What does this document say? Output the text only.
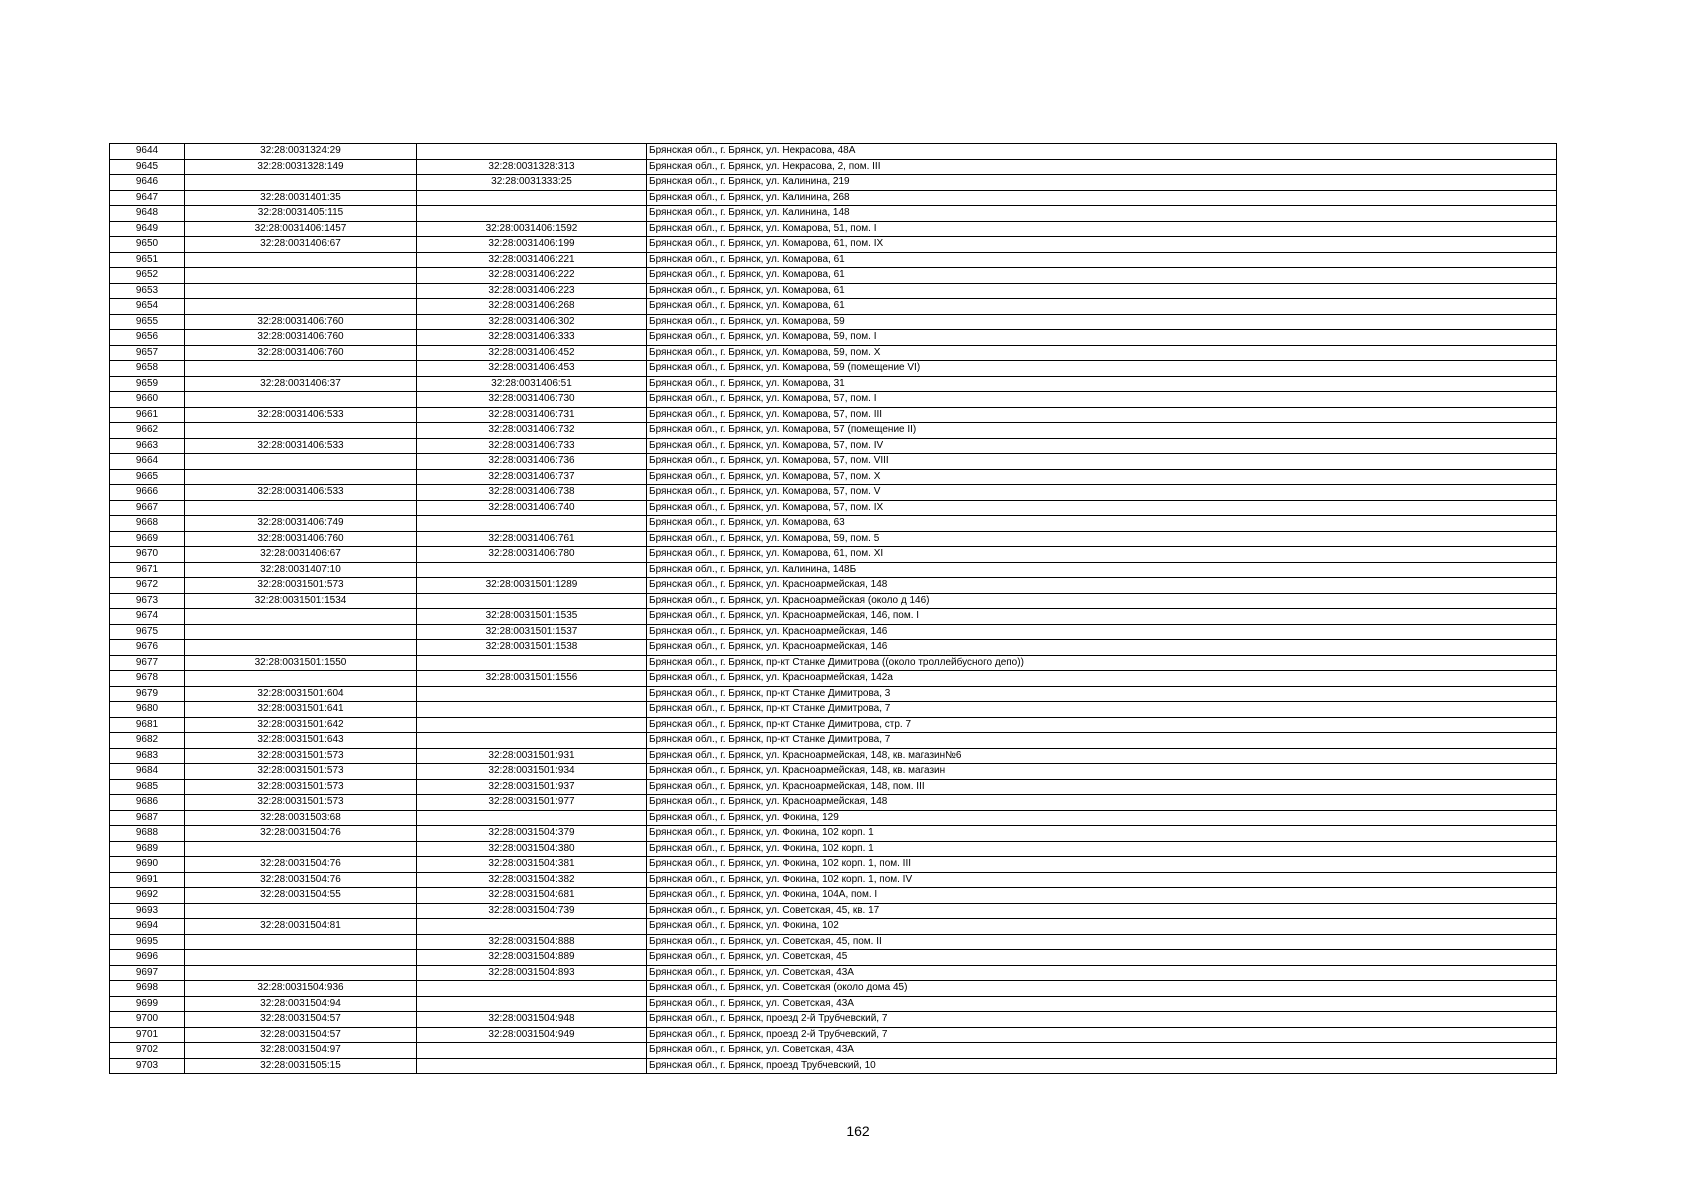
9644	32:28:0031324:29		Брянская обл., г. Брянск, ул. Некрасова, 48А
9645	32:28:0031328:149	32:28:0031328:313	Брянская обл., г. Брянск, ул. Некрасова, 2, пом. III
9646		32:28:0031333:25	Брянская обл., г. Брянск, ул. Калинина, 219
9647	32:28:0031401:35		Брянская обл., г. Брянск, ул. Калинина, 268
9648	32:28:0031405:115		Брянская обл., г. Брянск, ул. Калинина, 148
9649	32:28:0031406:1457	32:28:0031406:1592	Брянская обл., г. Брянск, ул. Комарова, 51, пом. I
9650	32:28:0031406:67	32:28:0031406:199	Брянская обл., г. Брянск, ул. Комарова, 61, пом. IX
9651		32:28:0031406:221	Брянская обл., г. Брянск, ул. Комарова, 61
9652		32:28:0031406:222	Брянская обл., г. Брянск, ул. Комарова, 61
9653		32:28:0031406:223	Брянская обл., г. Брянск, ул. Комарова, 61
9654		32:28:0031406:268	Брянская обл., г. Брянск, ул. Комарова, 61
9655	32:28:0031406:760	32:28:0031406:302	Брянская обл., г. Брянск, ул. Комарова, 59
9656	32:28:0031406:760	32:28:0031406:333	Брянская обл., г. Брянск, ул. Комарова, 59, пом. I
9657	32:28:0031406:760	32:28:0031406:452	Брянская обл., г. Брянск, ул. Комарова, 59, пом. X
9658		32:28:0031406:453	Брянская обл., г. Брянск, ул. Комарова, 59 (помещение VI)
9659	32:28:0031406:37	32:28:0031406:51	Брянская обл., г. Брянск, ул. Комарова, 31
9660		32:28:0031406:730	Брянская обл., г. Брянск, ул. Комарова, 57, пом. I
9661	32:28:0031406:533	32:28:0031406:731	Брянская обл., г. Брянск, ул. Комарова, 57, пом. III
9662		32:28:0031406:732	Брянская обл., г. Брянск, ул. Комарова, 57 (помещение II)
9663	32:28:0031406:533	32:28:0031406:733	Брянская обл., г. Брянск, ул. Комарова, 57, пом. IV
9664		32:28:0031406:736	Брянская обл., г. Брянск, ул. Комарова, 57, пом. VIII
9665		32:28:0031406:737	Брянская обл., г. Брянск, ул. Комарова, 57, пом. X
9666	32:28:0031406:533	32:28:0031406:738	Брянская обл., г. Брянск, ул. Комарова, 57, пом. V
9667		32:28:0031406:740	Брянская обл., г. Брянск, ул. Комарова, 57, пом. IX
9668	32:28:0031406:749		Брянская обл., г. Брянск, ул. Комарова, 63
9669	32:28:0031406:760	32:28:0031406:761	Брянская обл., г. Брянск, ул. Комарова, 59, пом. 5
9670	32:28:0031406:67	32:28:0031406:780	Брянская обл., г. Брянск, ул. Комарова, 61, пом. XI
9671	32:28:0031407:10		Брянская обл., г. Брянск, ул. Калинина, 148Б
9672	32:28:0031501:573	32:28:0031501:1289	Брянская обл., г. Брянск, ул. Красноармейская, 148
9673	32:28:0031501:1534		Брянская обл., г. Брянск, ул. Красноармейская (около д 146)
9674		32:28:0031501:1535	Брянская обл., г. Брянск, ул. Красноармейская, 146, пом. I
9675		32:28:0031501:1537	Брянская обл., г. Брянск, ул. Красноармейская, 146
9676		32:28:0031501:1538	Брянская обл., г. Брянск, ул. Красноармейская, 146
9677	32:28:0031501:1550		Брянская обл., г. Брянск, пр-кт Станке Димитрова ((около троллейбусного депо))
9678		32:28:0031501:1556	Брянская обл., г. Брянск, ул. Красноармейская, 142а
9679	32:28:0031501:604		Брянская обл., г. Брянск, пр-кт Станке Димитрова, 3
9680	32:28:0031501:641		Брянская обл., г. Брянск, пр-кт Станке Димитрова, 7
9681	32:28:0031501:642		Брянская обл., г. Брянск, пр-кт Станке Димитрова, стр. 7
9682	32:28:0031501:643		Брянская обл., г. Брянск, пр-кт Станке Димитрова, 7
9683	32:28:0031501:573	32:28:0031501:931	Брянская обл., г. Брянск, ул. Красноармейская, 148, кв. магазин№6
9684	32:28:0031501:573	32:28:0031501:934	Брянская обл., г. Брянск, ул. Красноармейская, 148, кв. магазин
9685	32:28:0031501:573	32:28:0031501:937	Брянская обл., г. Брянск, ул. Красноармейская, 148, пом. III
9686	32:28:0031501:573	32:28:0031501:977	Брянская обл., г. Брянск, ул. Красноармейская, 148
9687	32:28:0031503:68		Брянская обл., г. Брянск, ул. Фокина, 129
9688	32:28:0031504:76	32:28:0031504:379	Брянская обл., г. Брянск, ул. Фокина, 102 корп. 1
9689		32:28:0031504:380	Брянская обл., г. Брянск, ул. Фокина, 102 корп. 1
9690	32:28:0031504:76	32:28:0031504:381	Брянская обл., г. Брянск, ул. Фокина, 102 корп. 1, пом. III
9691	32:28:0031504:76	32:28:0031504:382	Брянская обл., г. Брянск, ул. Фокина, 102 корп. 1, пом. IV
9692	32:28:0031504:55	32:28:0031504:681	Брянская обл., г. Брянск, ул. Фокина, 104А, пом. I
9693		32:28:0031504:739	Брянская обл., г. Брянск, ул. Советская, 45, кв. 17
9694	32:28:0031504:81		Брянская обл., г. Брянск, ул. Фокина, 102
9695		32:28:0031504:888	Брянская обл., г. Брянск, ул. Советская, 45, пом. II
9696		32:28:0031504:889	Брянская обл., г. Брянск, ул. Советская, 45
9697		32:28:0031504:893	Брянская обл., г. Брянск, ул. Советская, 43А
9698	32:28:0031504:936		Брянская обл., г. Брянск, ул. Советская (около дома 45)
9699	32:28:0031504:94		Брянская обл., г. Брянск, ул. Советская, 43А
9700	32:28:0031504:57	32:28:0031504:948	Брянская обл., г. Брянск, проезд 2-й Трубчевский, 7
9701	32:28:0031504:57	32:28:0031504:949	Брянская обл., г. Брянск, проезд 2-й Трубчевский, 7
9702	32:28:0031504:97		Брянская обл., г. Брянск, ул. Советская, 43А
9703	32:28:0031505:15		Брянская обл., г. Брянск, проезд Трубчевский, 10
162
